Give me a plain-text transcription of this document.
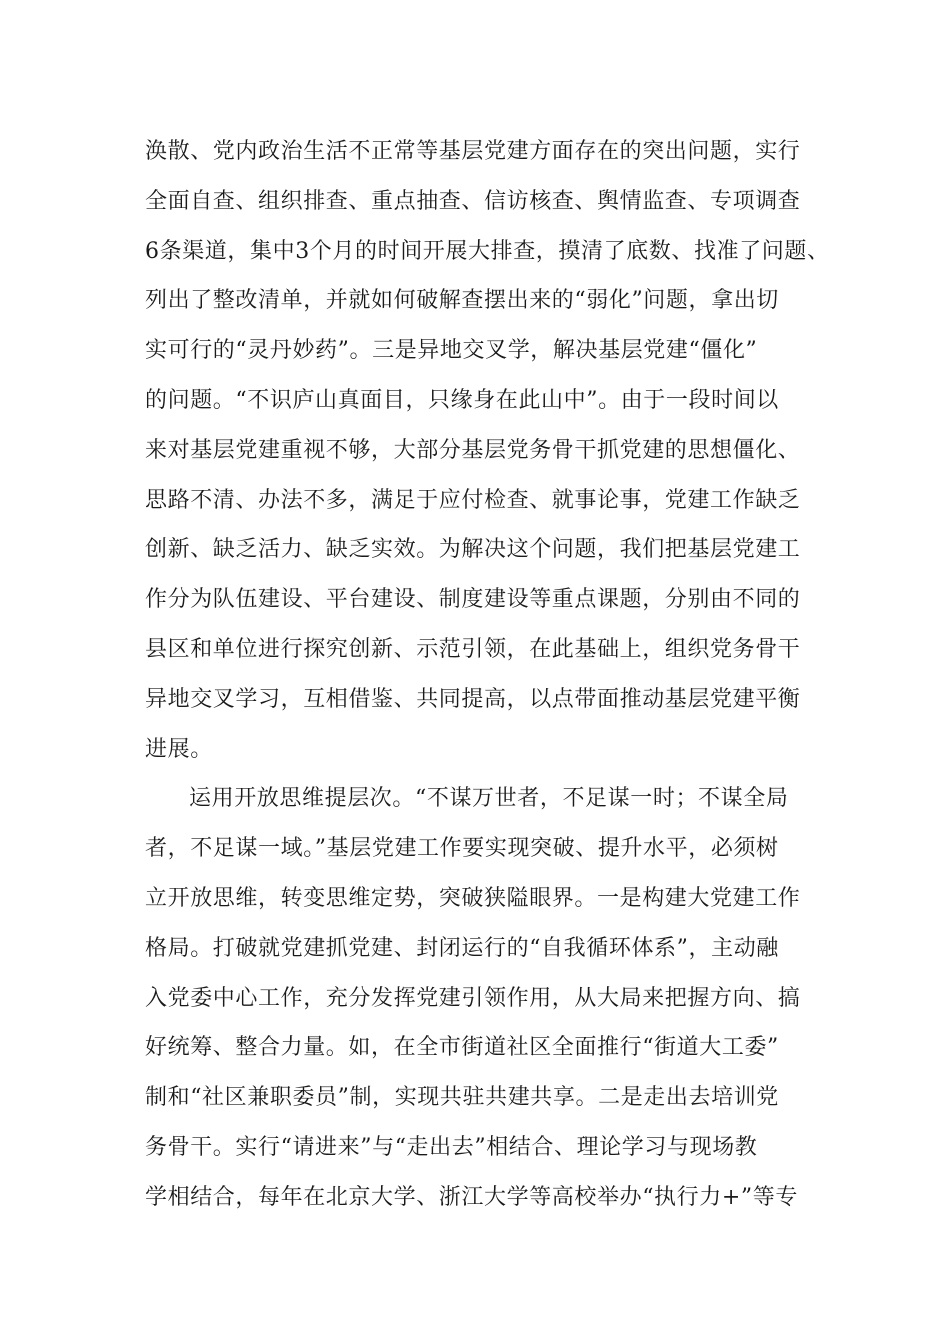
涣散、党内政治生活不正常等基层党建方面存在的突出问题，实行
全面自查、组织排查、重点抽查、信访核查、舆情监查、专项调查
6条渠道，集中3个月的时间开展大排查，摸清了底数、找准了问题、
列出了整改清单，并就如何破解查摆出来的“弱化”问题，拿出切
实可行的“灵丹妙药”。三是异地交叉学，解决基层党建“僵化”
的问题。“不识庐山真面目，只缘身在此山中”。由于一段时间以
来对基层党建重视不够，大部分基层党务骨干抓党建的思想僵化、
思路不清、办法不多，满足于应付检查、就事论事，党建工作缺乏
创新、缺乏活力、缺乏实效。为解决这个问题，我们把基层党建工
作分为队伍建设、平台建设、制度建设等重点课题，分别由不同的
县区和单位进行探究创新、示范引领，在此基础上，组织党务骨干
异地交叉学习，互相借鉴、共同提高，以点带面推动基层党建平衡
进展。
运用开放思维提层次。“不谋万世者，不足谋一时；不谋全局
者，不足谋一域。”基层党建工作要实现突破、提升水平，必须树
立开放思维，转变思维定势，突破狭隘眼界。一是构建大党建工作
格局。打破就党建抓党建、封闭运行的“自我循环体系”，主动融
入党委中心工作，充分发挥党建引领作用，从大局来把握方向、搞
好统筹、整合力量。如，在全市街道社区全面推行“街道大工委”
制和“社区兼职委员”制，实现共驻共建共享。二是走出去培训党
务骨干。实行“请进来”与“走出去”相结合、理论学习与现场教
学相结合，每年在北京大学、浙江大学等高校举办“执行力+”等专
